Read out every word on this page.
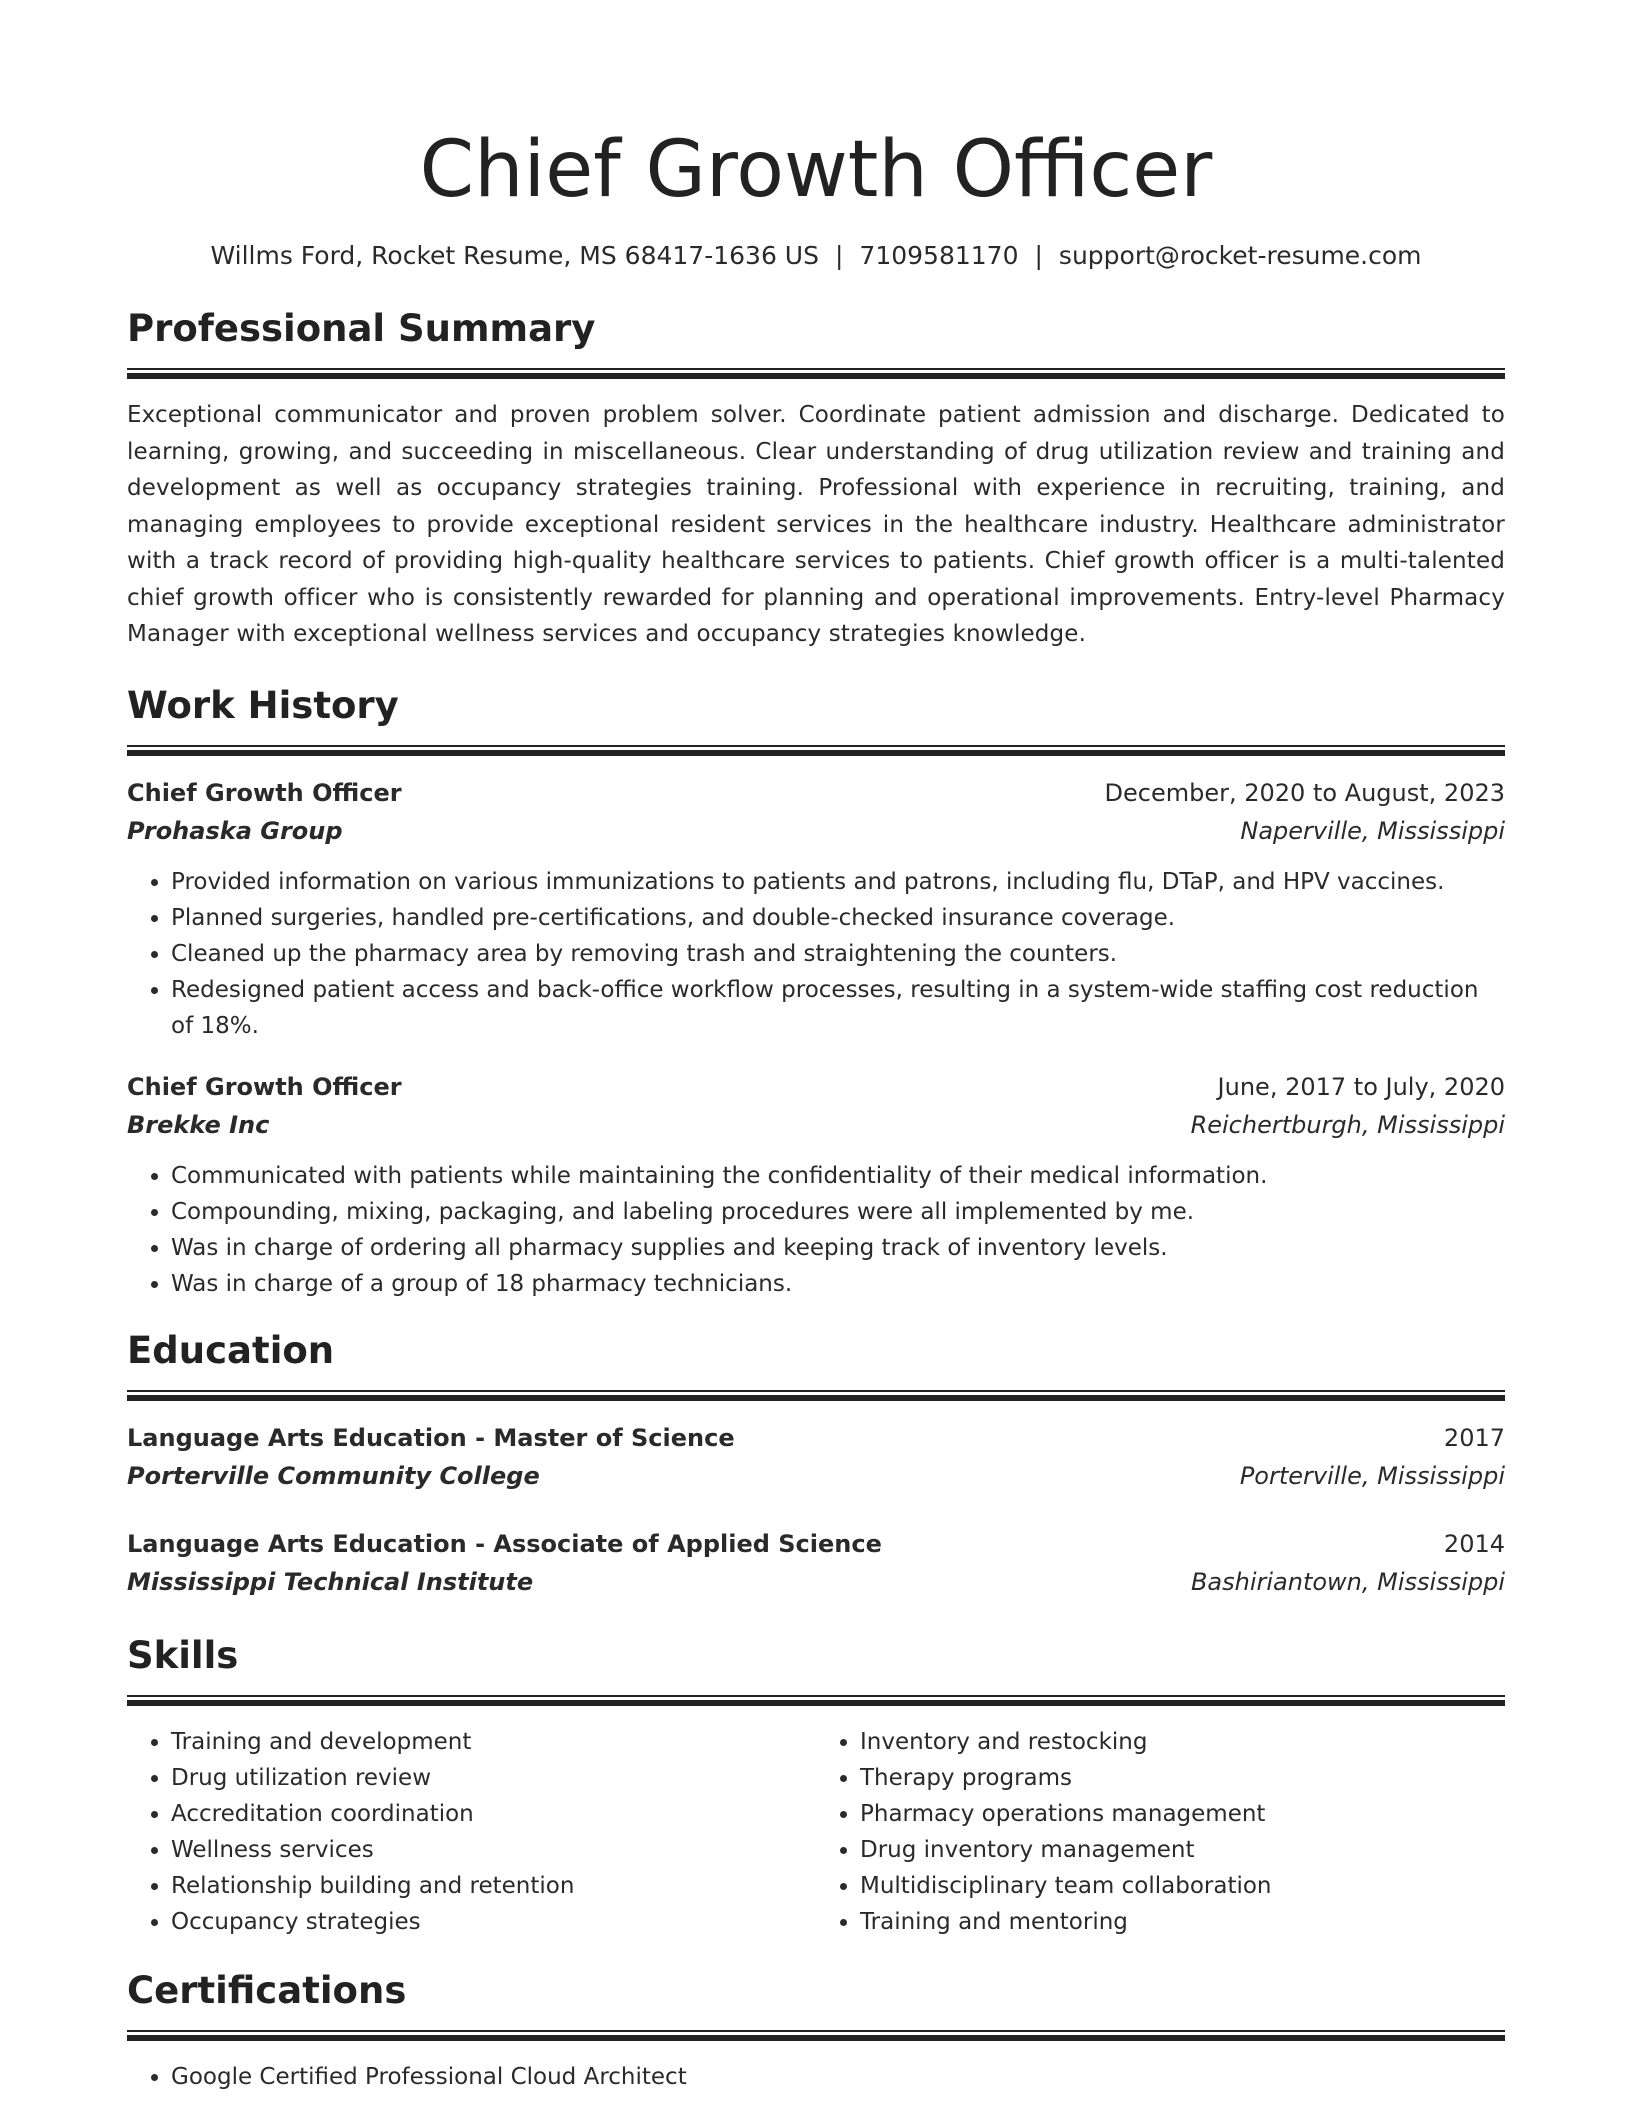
Chief Growth Officer
Willms Ford, Rocket Resume, MS 68417-1636 US | 7109581170 | support@rocket-resume.com
Professional Summary

Exceptional communicator and proven problem solver. Coordinate patient admission and discharge. Dedicated to learning, growing, and succeeding in miscellaneous. Clear understanding of drug utilization review and training and development as well as occupancy strategies training. Professional with experience in recruiting, training, and managing employees to provide exceptional resident services in the healthcare industry. Healthcare administrator with a track record of providing high-quality healthcare services to patients. Chief growth officer is a multi-talented chief growth officer who is consistently rewarded for planning and operational improvements. Entry-level Pharmacy Manager with exceptional wellness services and occupancy strategies knowledge.

Work History
Chief Growth Officer	December, 2020 to August, 2023
Prohaska Group	Naperville, Mississippi
• Provided information on various immunizations to patients and patrons, including flu, DTaP, and HPV vaccines.
• Planned surgeries, handled pre-certifications, and double-checked insurance coverage.
• Cleaned up the pharmacy area by removing trash and straightening the counters.
• Redesigned patient access and back-office workflow processes, resulting in a system-wide staffing cost reduction of 18%.
Chief Growth Officer	June, 2017 to July, 2020
Brekke Inc	Reichertburgh, Mississippi
• Communicated with patients while maintaining the confidentiality of their medical information.
• Compounding, mixing, packaging, and labeling procedures were all implemented by me.
• Was in charge of ordering all pharmacy supplies and keeping track of inventory levels.
• Was in charge of a group of 18 pharmacy technicians.
Education
Language Arts Education - Master of Science	2017
Porterville Community College	Porterville, Mississippi
Language Arts Education - Associate of Applied Science	2014
Mississippi Technical Institute	Bashiriantown, Mississippi
Skills
• Training and development
• Drug utilization review
• Accreditation coordination
• Wellness services
• Relationship building and retention
• Occupancy strategies
• Inventory and restocking
• Therapy programs
• Pharmacy operations management
• Drug inventory management
• Multidisciplinary team collaboration
• Training and mentoring
Certifications
• Google Certified Professional Cloud Architect
